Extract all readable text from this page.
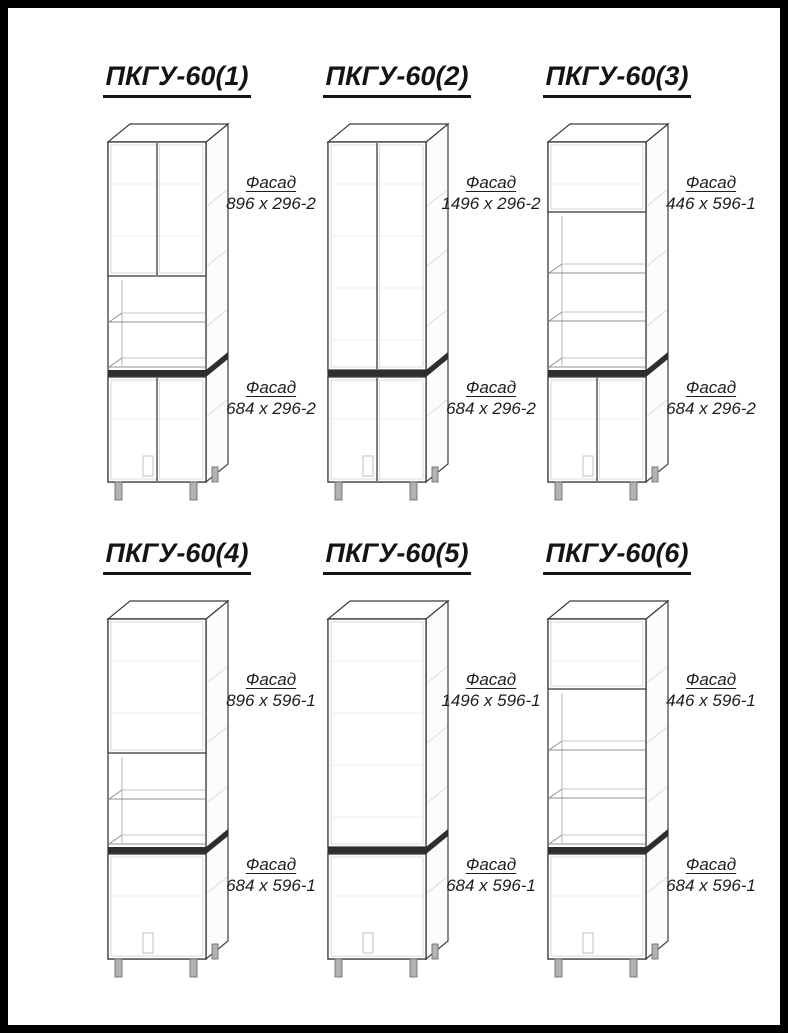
ПКГУ-60(1)
Фасад
896 x 296-2
Фасад
684 x 296-2
ПКГУ-60(2)
Фасад
1496 x 296-2
Фасад
684 x 296-2
ПКГУ-60(3)
Фасад
446 x 596-1
Фасад
684 x 296-2
ПКГУ-60(4)
Фасад
896 x 596-1
Фасад
684 x 596-1
ПКГУ-60(5)
Фасад
1496 x 596-1
Фасад
684 x 596-1
ПКГУ-60(6)
Фасад
446 x 596-1
Фасад
684 x 596-1
